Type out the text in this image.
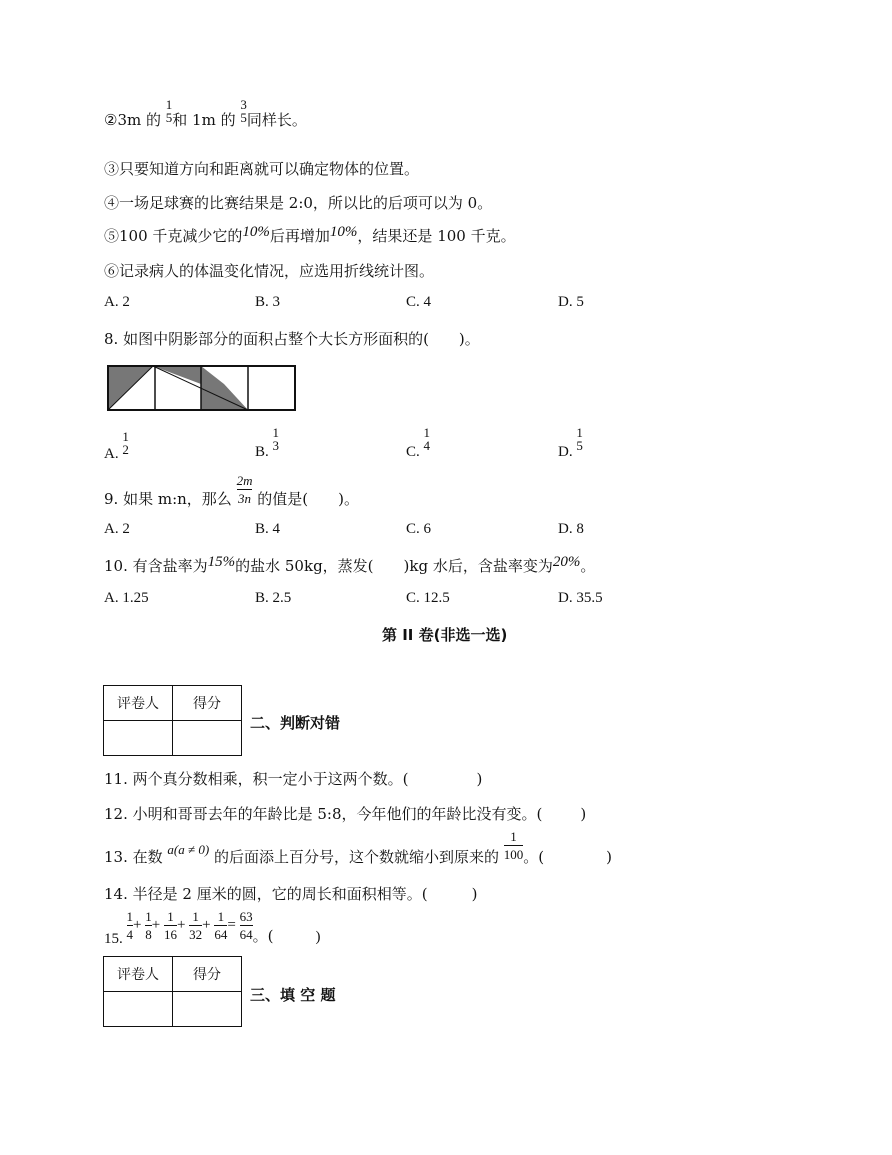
②3m 的
1
5 和 1m 的
3
5 同样长。
③只要知道方向和距离就可以确定物体的位置。
④一场足球赛的比赛结果是 2:0，所以比的后项可以为 0。
⑤100 千克减少它的10%后再增加10%，结果还是 100 千克。
⑥记录病人的体温变化情况，应选用折线统计图。
A. 2	B. 3	C. 4	D. 5
8. 如图中阴影部分的面积占整个大长方形面积的(　　)。
A.
1
2	B.
1
3	C.
1
4	D.
1
5
9. 如果 m:n，那么 $\frac{2m}{3n}$ 的值是(　　)。
A. 2	B. 4	C. 6	D. 8
10. 有含盐率为15%的盐水 50kg，蒸发(　　)kg 水后，含盐率变为20%。
A. 1.25	B. 2.5	C. 12.5	D. 35.5
第 II 卷(非选一选)
评卷人	得分

二、判断对错
11. 两个真分数相乘，积一定小于这两个数。(	)
12. 小明和哥哥去年的年龄比是 5:8，今年他们的年龄比没有变。(	)
13. 在数 a(a ≠ 0) 的后面添上百分号，这个数就缩小到原来的 $\frac{1}{100}$ 。(	)
14. 半径是 2 厘米的圆，它的周长和面积相等。(	)
15. $\frac{1}{4} + \frac{1}{8} + \frac{1}{16} + \frac{1}{32} + \frac{1}{64} = \frac{63}{64}$ 。(	)
评卷人	得分

三、填 空 题
